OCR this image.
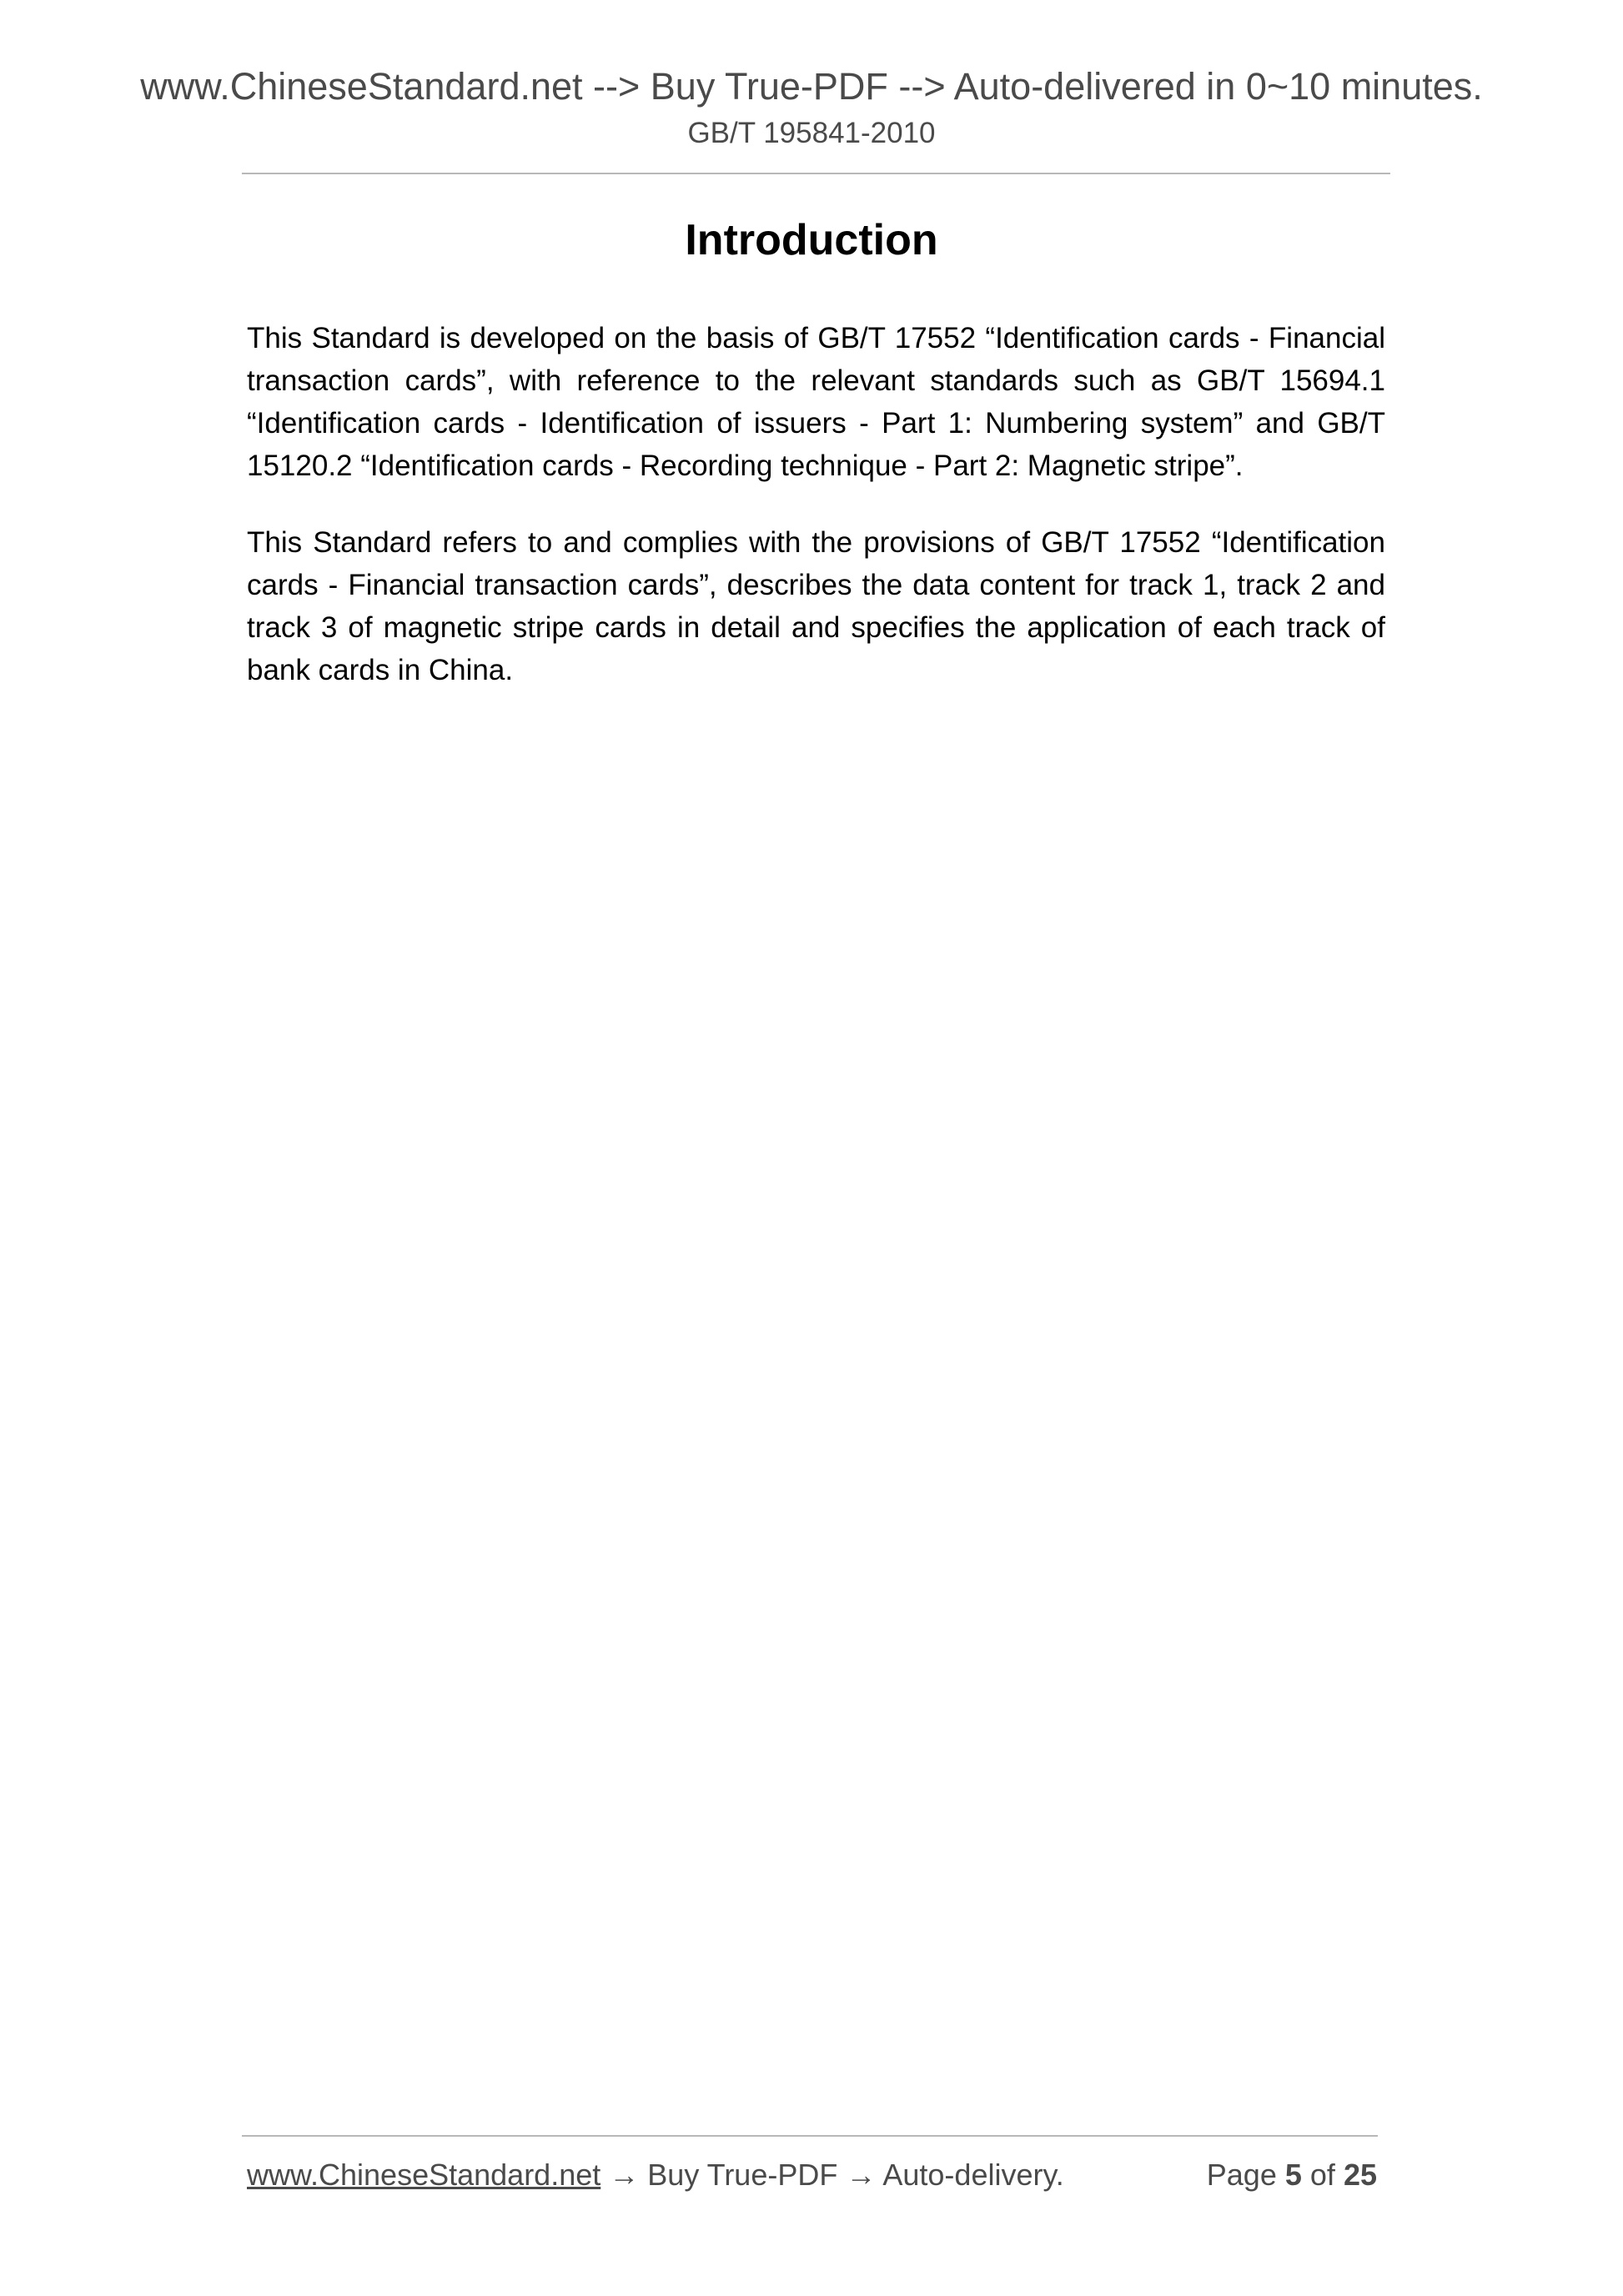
www.ChineseStandard.net --> Buy True-PDF --> Auto-delivered in 0~10 minutes.
GB/T 195841-2010
Introduction

This Standard is developed on the basis of GB/T 17552 “Identification cards - Financial transaction cards”, with reference to the relevant standards such as GB/T 15694.1 “Identification cards - Identification of issuers - Part 1: Numbering system” and GB/T 15120.2 “Identification cards - Recording technique - Part 2: Magnetic stripe”.

This Standard refers to and complies with the provisions of GB/T 17552 “Identification cards - Financial transaction cards”, describes the data content for track 1, track 2 and track 3 of magnetic stripe cards in detail and specifies the application of each track of bank cards in China.

www.ChineseStandard.net → Buy True-PDF → Auto-delivery.	Page 5 of 25
